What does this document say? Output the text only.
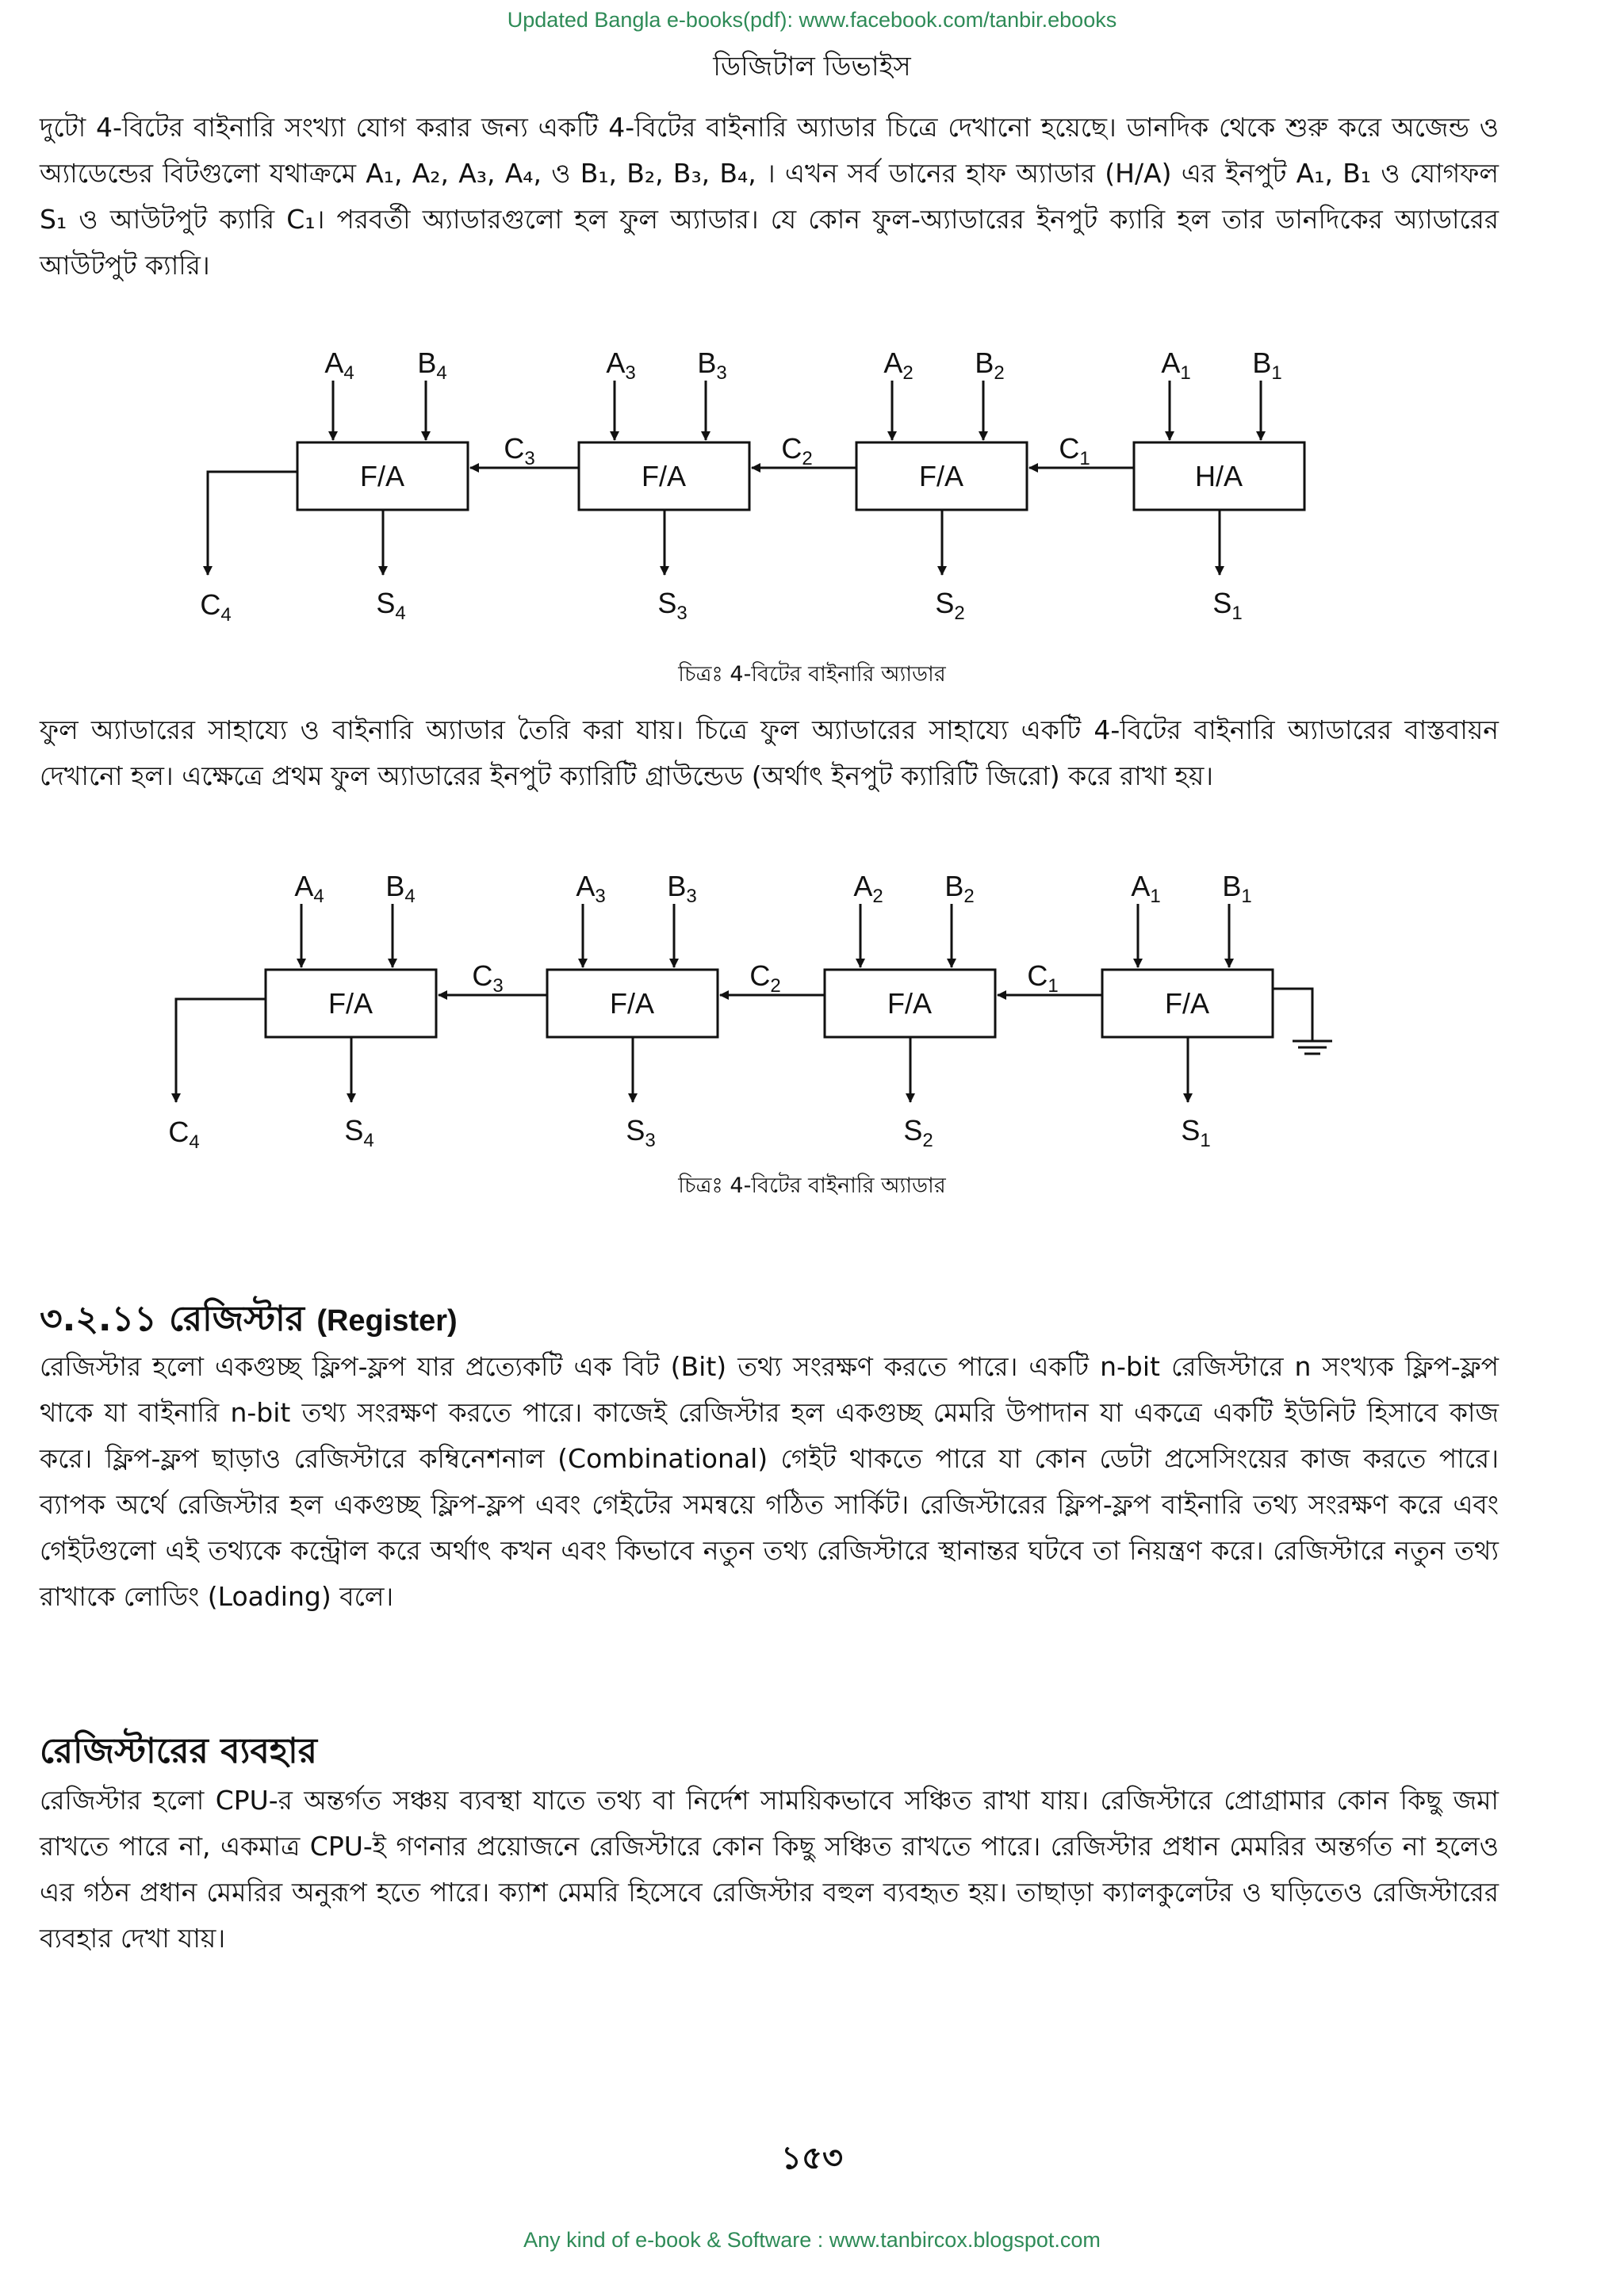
Updated Bangla e-books(pdf): www.facebook.com/tanbir.ebooks
ডিজিটাল ডিভাইস

দুটো 4-বিটের বাইনারি সংখ্যা যোগ করার জন্য একটি 4-বিটের বাইনারি অ্যাডার চিত্রে দেখানো হয়েছে। ডানদিক থেকে শুরু করে অজেন্ড ও অ্যাডেন্ডের বিটগুলো যথাক্রমে A₁, A₂, A₃, A₄, ও B₁, B₂, B₃, B₄, । এখন সর্ব ডানের হাফ অ্যাডার (H/A) এর ইনপুট A₁, B₁ ও যোগফল S₁ ও আউটপুট ক্যারি C₁। পরবর্তী অ্যাডারগুলো হল ফুল অ্যাডার। যে কোন ফুল-অ্যাডারের ইনপুট ক্যারি হল তার ডানদিকের অ্যাডারের আউটপুট ক্যারি।

F/A	F/A	F/A	H/A
$A_4$ $B_4$	$A_3$ $B_3$	$A_2$ $B_2$	$A_1$ $B_1$
$C_3$	$C_2$	$C_1$
$C_4$	$S_4$	$S_3$	$S_2$	$S_1$
চিত্রঃ 4-বিটের বাইনারি অ্যাডার

ফুল অ্যাডারের সাহায্যে ও বাইনারি অ্যাডার তৈরি করা যায়। চিত্রে ফুল অ্যাডারের সাহায্যে একটি 4-বিটের বাইনারি অ্যাডারের বাস্তবায়ন দেখানো হল। এক্ষেত্রে প্রথম ফুল অ্যাডারের ইনপুট ক্যারিটি গ্রাউন্ডেড (অর্থাৎ ইনপুট ক্যারিটি জিরো) করে রাখা হয়।

F/A	F/A	F/A	F/A
$A_4$ $B_4$	$A_3$ $B_3$	$A_2$ $B_2$	$A_1$ $B_1$
$C_3$	$C_2$	$C_1$
$C_4$	$S_4$	$S_3$	$S_2$	$S_1$
চিত্রঃ 4-বিটের বাইনারি অ্যাডার
৩.২.১১ রেজিস্টার (Register)

রেজিস্টার হলো একগুচ্ছ ফ্লিপ-ফ্লপ যার প্রত্যেকটি এক বিট (Bit) তথ্য সংরক্ষণ করতে পারে। একটি n-bit রেজিস্টারে n সংখ্যক ফ্লিপ-ফ্লপ থাকে যা বাইনারি n-bit তথ্য সংরক্ষণ করতে পারে। কাজেই রেজিস্টার হল একগুচ্ছ মেমরি উপাদান যা একত্রে একটি ইউনিট হিসাবে কাজ করে। ফ্লিপ-ফ্লপ ছাড়াও রেজিস্টারে কম্বিনেশনাল (Combinational) গেইট থাকতে পারে যা কোন ডেটা প্রসেসিংয়ের কাজ করতে পারে। ব্যাপক অর্থে রেজিস্টার হল একগুচ্ছ ফ্লিপ-ফ্লপ এবং গেইটের সমন্বয়ে গঠিত সার্কিট। রেজিস্টারের ফ্লিপ-ফ্লপ বাইনারি তথ্য সংরক্ষণ করে এবং গেইটগুলো এই তথ্যকে কন্ট্রোল করে অর্থাৎ কখন এবং কিভাবে নতুন তথ্য রেজিস্টারে স্থানান্তর ঘটবে তা নিয়ন্ত্রণ করে। রেজিস্টারে নতুন তথ্য রাখাকে লোডিং (Loading) বলে।

রেজিস্টারের ব্যবহার

রেজিস্টার হলো CPU-র অন্তর্গত সঞ্চয় ব্যবস্থা যাতে তথ্য বা নির্দেশ সাময়িকভাবে সঞ্চিত রাখা যায়। রেজিস্টারে প্রোগ্রামার কোন কিছু জমা রাখতে পারে না, একমাত্র CPU-ই গণনার প্রয়োজনে রেজিস্টারে কোন কিছু সঞ্চিত রাখতে পারে। রেজিস্টার প্রধান মেমরির অন্তর্গত না হলেও এর গঠন প্রধান মেমরির অনুরূপ হতে পারে। ক্যাশ মেমরি হিসেবে রেজিস্টার বহুল ব্যবহৃত হয়। তাছাড়া ক্যালকুলেটর ও ঘড়িতেও রেজিস্টারের ব্যবহার দেখা যায়।

১৫৩
Any kind of e-book & Software : www.tanbircox.blogspot.com
